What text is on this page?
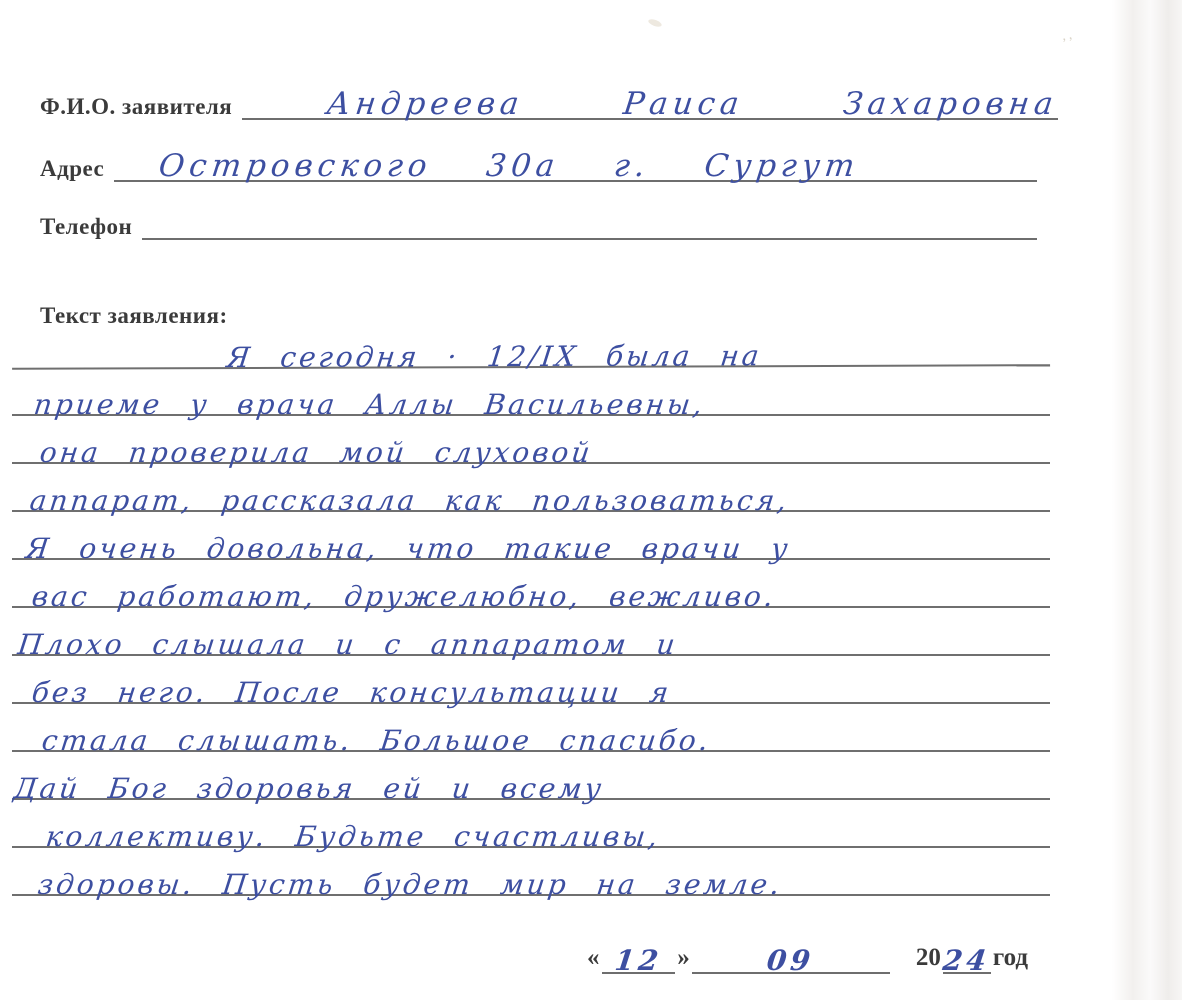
,,
Ф.И.О. заявителя	Андреева Раиса Захаровна
Адрес Островского 30а г. Сургут
Телефон
Текст заявления:
Я сегодня · 12/IX была на
приеме у врача Аллы Васильевны,
она проверила мой слуховой
аппарат, рассказала как пользоваться,
Я очень довольна, что такие врачи у
вас работают, дружелюбно, вежливо.
Плохо слышала и с аппаратом и
без него. После консультации я
стала слышать. Большое спасибо.
Дай Бог здоровья ей и всему
коллективу. Будьте счастливы,
здоровы. Пусть будет мир на земле.
« 12 »	09	20 24 год
